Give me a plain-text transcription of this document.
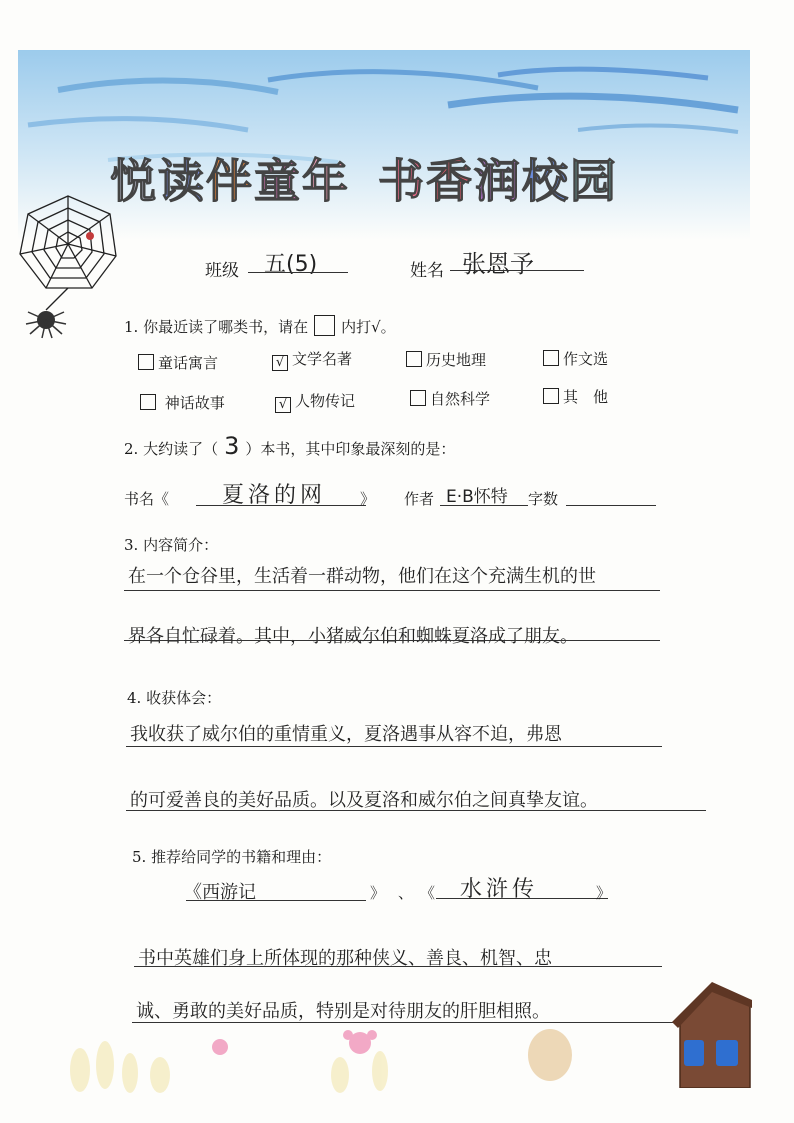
悦读伴童年 书香润校园
班级 五(5)	姓名 张恩予
1. 你最近读了哪类书，请在 内打√。
童话寓言	√ 文学名著	历史地理	作文选
神话故事	√ 人物传记	自然科学	其　他
2. 大约读了（ 3 ）本书，其中印象最深刻的是：
书名《 夏洛的网 》 作者 E·B怀特 字数
3. 内容简介：
在一个仓谷里，生活着一群动物，他们在这个充满生机的世
界各自忙碌着。其中，小猪威尔伯和蜘蛛夏洛成了朋友。
4. 收获体会：
我收获了威尔伯的重情重义，夏洛遇事从容不迫，弗恩
的可爱善良的美好品质。以及夏洛和威尔伯之间真挚友谊。
5. 推荐给同学的书籍和理由：
《西游记	》 、 《 水浒传	》
书中英雄们身上所体现的那种侠义、善良、机智、忠
诚、勇敢的美好品质，特别是对待朋友的肝胆相照。
